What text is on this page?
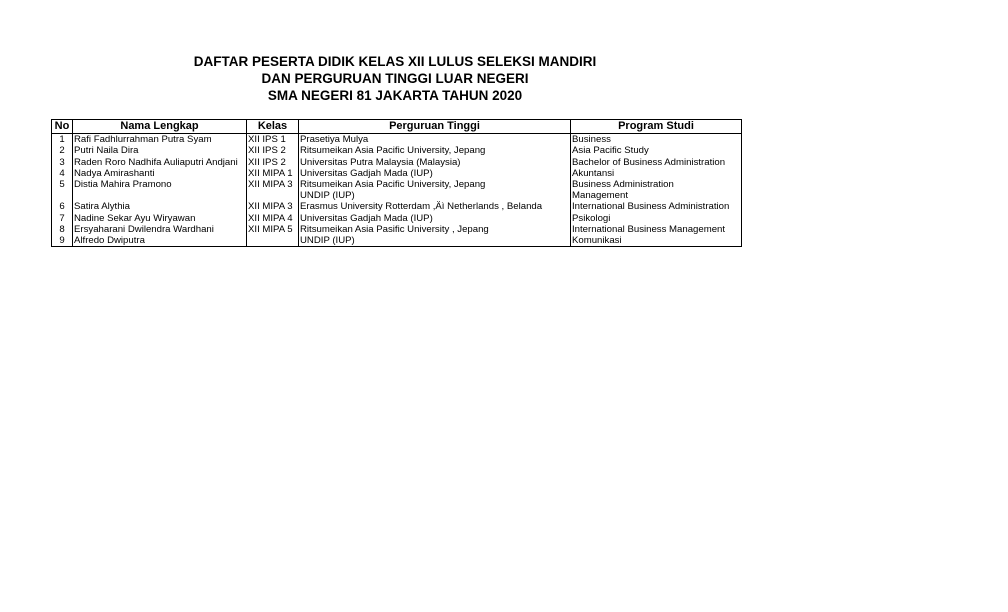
DAFTAR PESERTA DIDIK KELAS XII LULUS SELEKSI MANDIRI
DAN PERGURUAN TINGGI LUAR NEGERI
SMA NEGERI 81 JAKARTA TAHUN 2020
No	Nama Lengkap	Kelas	Perguruan Tinggi	Program Studi
1	Rafi Fadhlurrahman Putra Syam	XII IPS 1	Prasetiya Mulya	Business
2	Putri Naila Dira	XII IPS 2	Ritsumeikan Asia Pacific University, Jepang	Asia Pacific Study
3	Raden Roro Nadhifa Auliaputri Andjani	XII IPS 2	Universitas Putra Malaysia (Malaysia)	Bachelor of Business Administration
4	Nadya Amirashanti	XII MIPA 1	Universitas Gadjah Mada (IUP)	Akuntansi
5	Distia Mahira Pramono	XII MIPA 3	Ritsumeikan Asia Pacific University, Jepang	Business Administration
			UNDIP (IUP)	Management
6	Satira Alythia	XII MIPA 3	Erasmus University Rotterdam ,Äì Netherlands , Belanda	International Business Administration
7	Nadine Sekar Ayu Wiryawan	XII MIPA 4	Universitas Gadjah Mada (IUP)	Psikologi
8	Ersyaharani Dwilendra Wardhani	XII MIPA 5	Ritsumeikan Asia Pasific University , Jepang	International Business Management
9	Alfredo Dwiputra		UNDIP (IUP)	Komunikasi
